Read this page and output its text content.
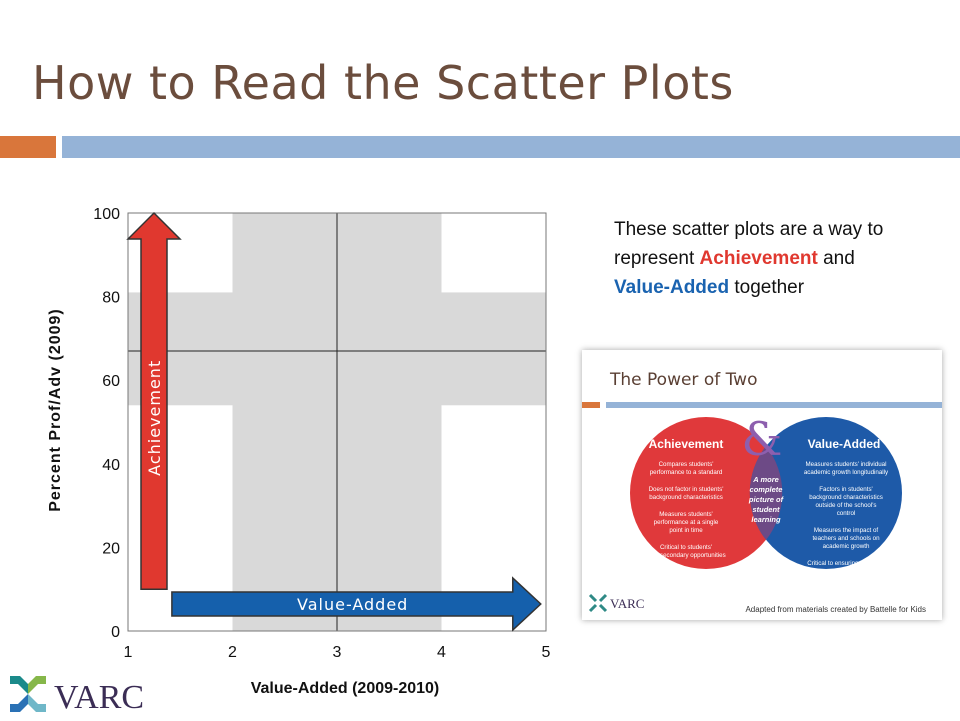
How to Read the Scatter Plots
0
20
40
60
80
100
1	2	3	4	5
Achievement
Value-Added
Percent Prof/Adv (2009)
Value-Added (2009-2010)
These scatter plots are a way to represent Achievement and Value-Added together
The Power of Two
&
Achievement	Value-Added
Compares students' performance to a standard
Does not factor in students' background characteristics
Measures students' performance at a single point in time
Critical to students' post-secondary opportunities
Measures students' individual academic growth longitudinally
Factors in students' background characteristics outside of the school's control
Measures the impact of teachers and schools on academic growth
Critical to ensuring students' future academic success
A more
complete
picture of
student
learning
VARC	Adapted from materials created by Battelle for Kids
VARC
